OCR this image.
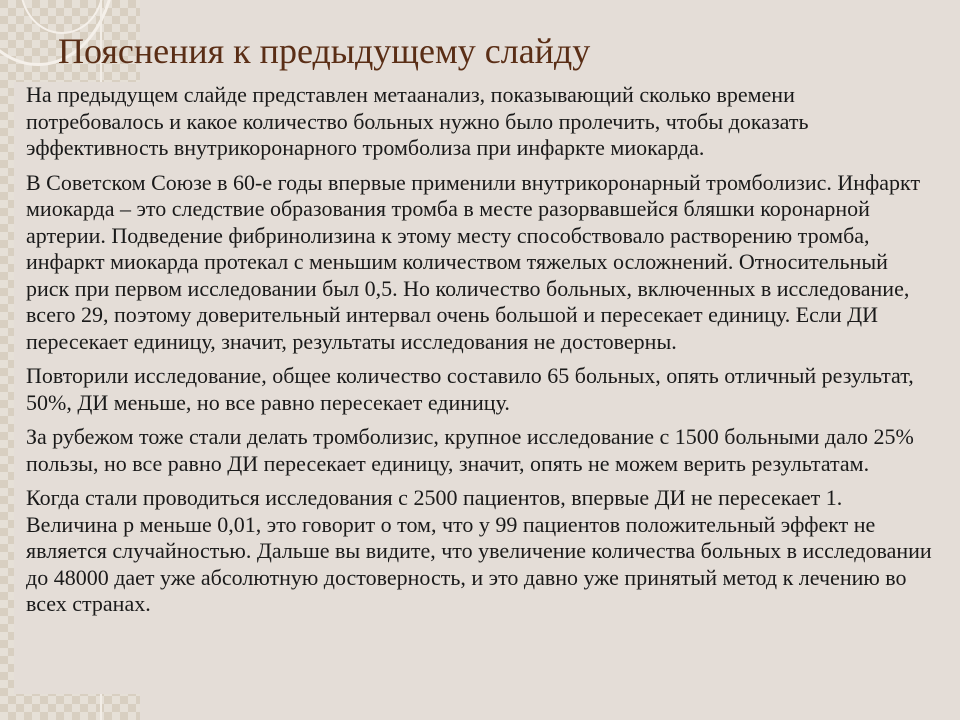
Пояснения к предыдущему слайду
На предыдущем слайде представлен метаанализ, показывающий сколько времени потребовалось и какое количество больных нужно было пролечить, чтобы доказать эффективность внутрикоронарного тромболиза при инфаркте миокарда.
В Советском Союзе в 60-е годы впервые применили внутрикоронарный тромболизис. Инфаркт миокарда – это следствие образования тромба в месте разорвавшейся бляшки коронарной артерии. Подведение фибринолизина к этому месту способствовало растворению тромба, инфаркт миокарда протекал с меньшим количеством тяжелых осложнений. Относительный риск при первом исследовании был 0,5. Но количество больных, включенных в исследование, всего 29, поэтому доверительный интервал очень большой и пересекает единицу. Если ДИ пересекает единицу, значит, результаты исследования не достоверны.
Повторили исследование, общее количество составило 65 больных, опять отличный результат, 50%, ДИ меньше, но все равно пересекает единицу.
За рубежом тоже стали делать тромболизис, крупное исследование с 1500 больными дало 25% пользы, но все равно ДИ пересекает единицу, значит, опять не можем верить результатам.
Когда стали проводиться исследования с 2500 пациентов, впервые ДИ не пересекает 1. Величина р меньше 0,01, это говорит о том, что у 99 пациентов положительный эффект не является случайностью. Дальше вы видите, что увеличение количества больных в исследовании до 48000 дает уже абсолютную достоверность, и это давно уже принятый метод к лечению во всех странах.
